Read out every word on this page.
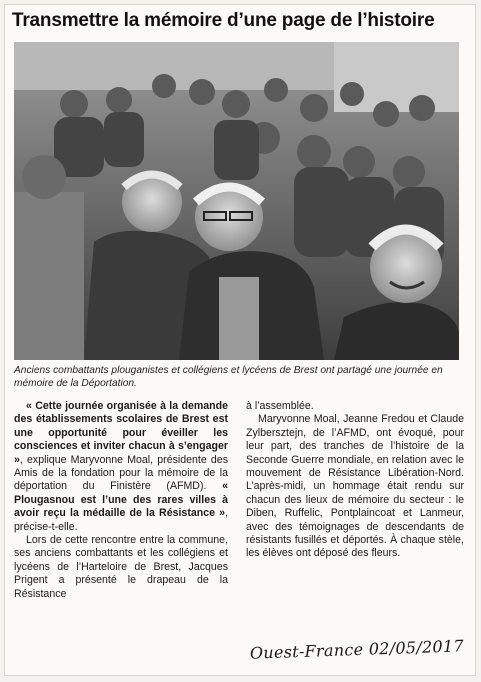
Transmettre la mémoire d’une page de l’histoire
Anciens combattants plouganistes et collégiens et lycéens de Brest ont partagé une journée en mémoire de la Déportation.

« Cette journée organisée à la demande des établissements scolaires de Brest est une opportunité pour éveiller les consciences et inviter chacun à s’engager », explique Maryvonne Moal, présidente des Amis de la fondation pour la mémoire de la déportation du Finistère (AFMD). « Plougasnou est l’une des rares villes à avoir reçu la médaille de la Résistance », précise-t-elle.

Lors de cette rencontre entre la commune, ses anciens combattants et les collégiens et lycéens de l’Harteloire de Brest, Jacques Prigent a présenté le drapeau de la Résistance

à l’assemblée.

Maryvonne Moal, Jeanne Fredou et Claude Zylbersztejn, de l’AFMD, ont évoqué, pour leur part, des tranches de l’histoire de la Seconde Guerre mondiale, en relation avec le mouvement de Résistance Libération-Nord. L’après-midi, un hommage était rendu sur chacun des lieux de mémoire du secteur : le Diben, Ruffelic, Pontplaincoat et Lanmeur, avec des témoignages de descendants de résistants fusillés et déportés. À chaque stèle, les élèves ont déposé des fleurs.

Ouest-France 02/05/2017
